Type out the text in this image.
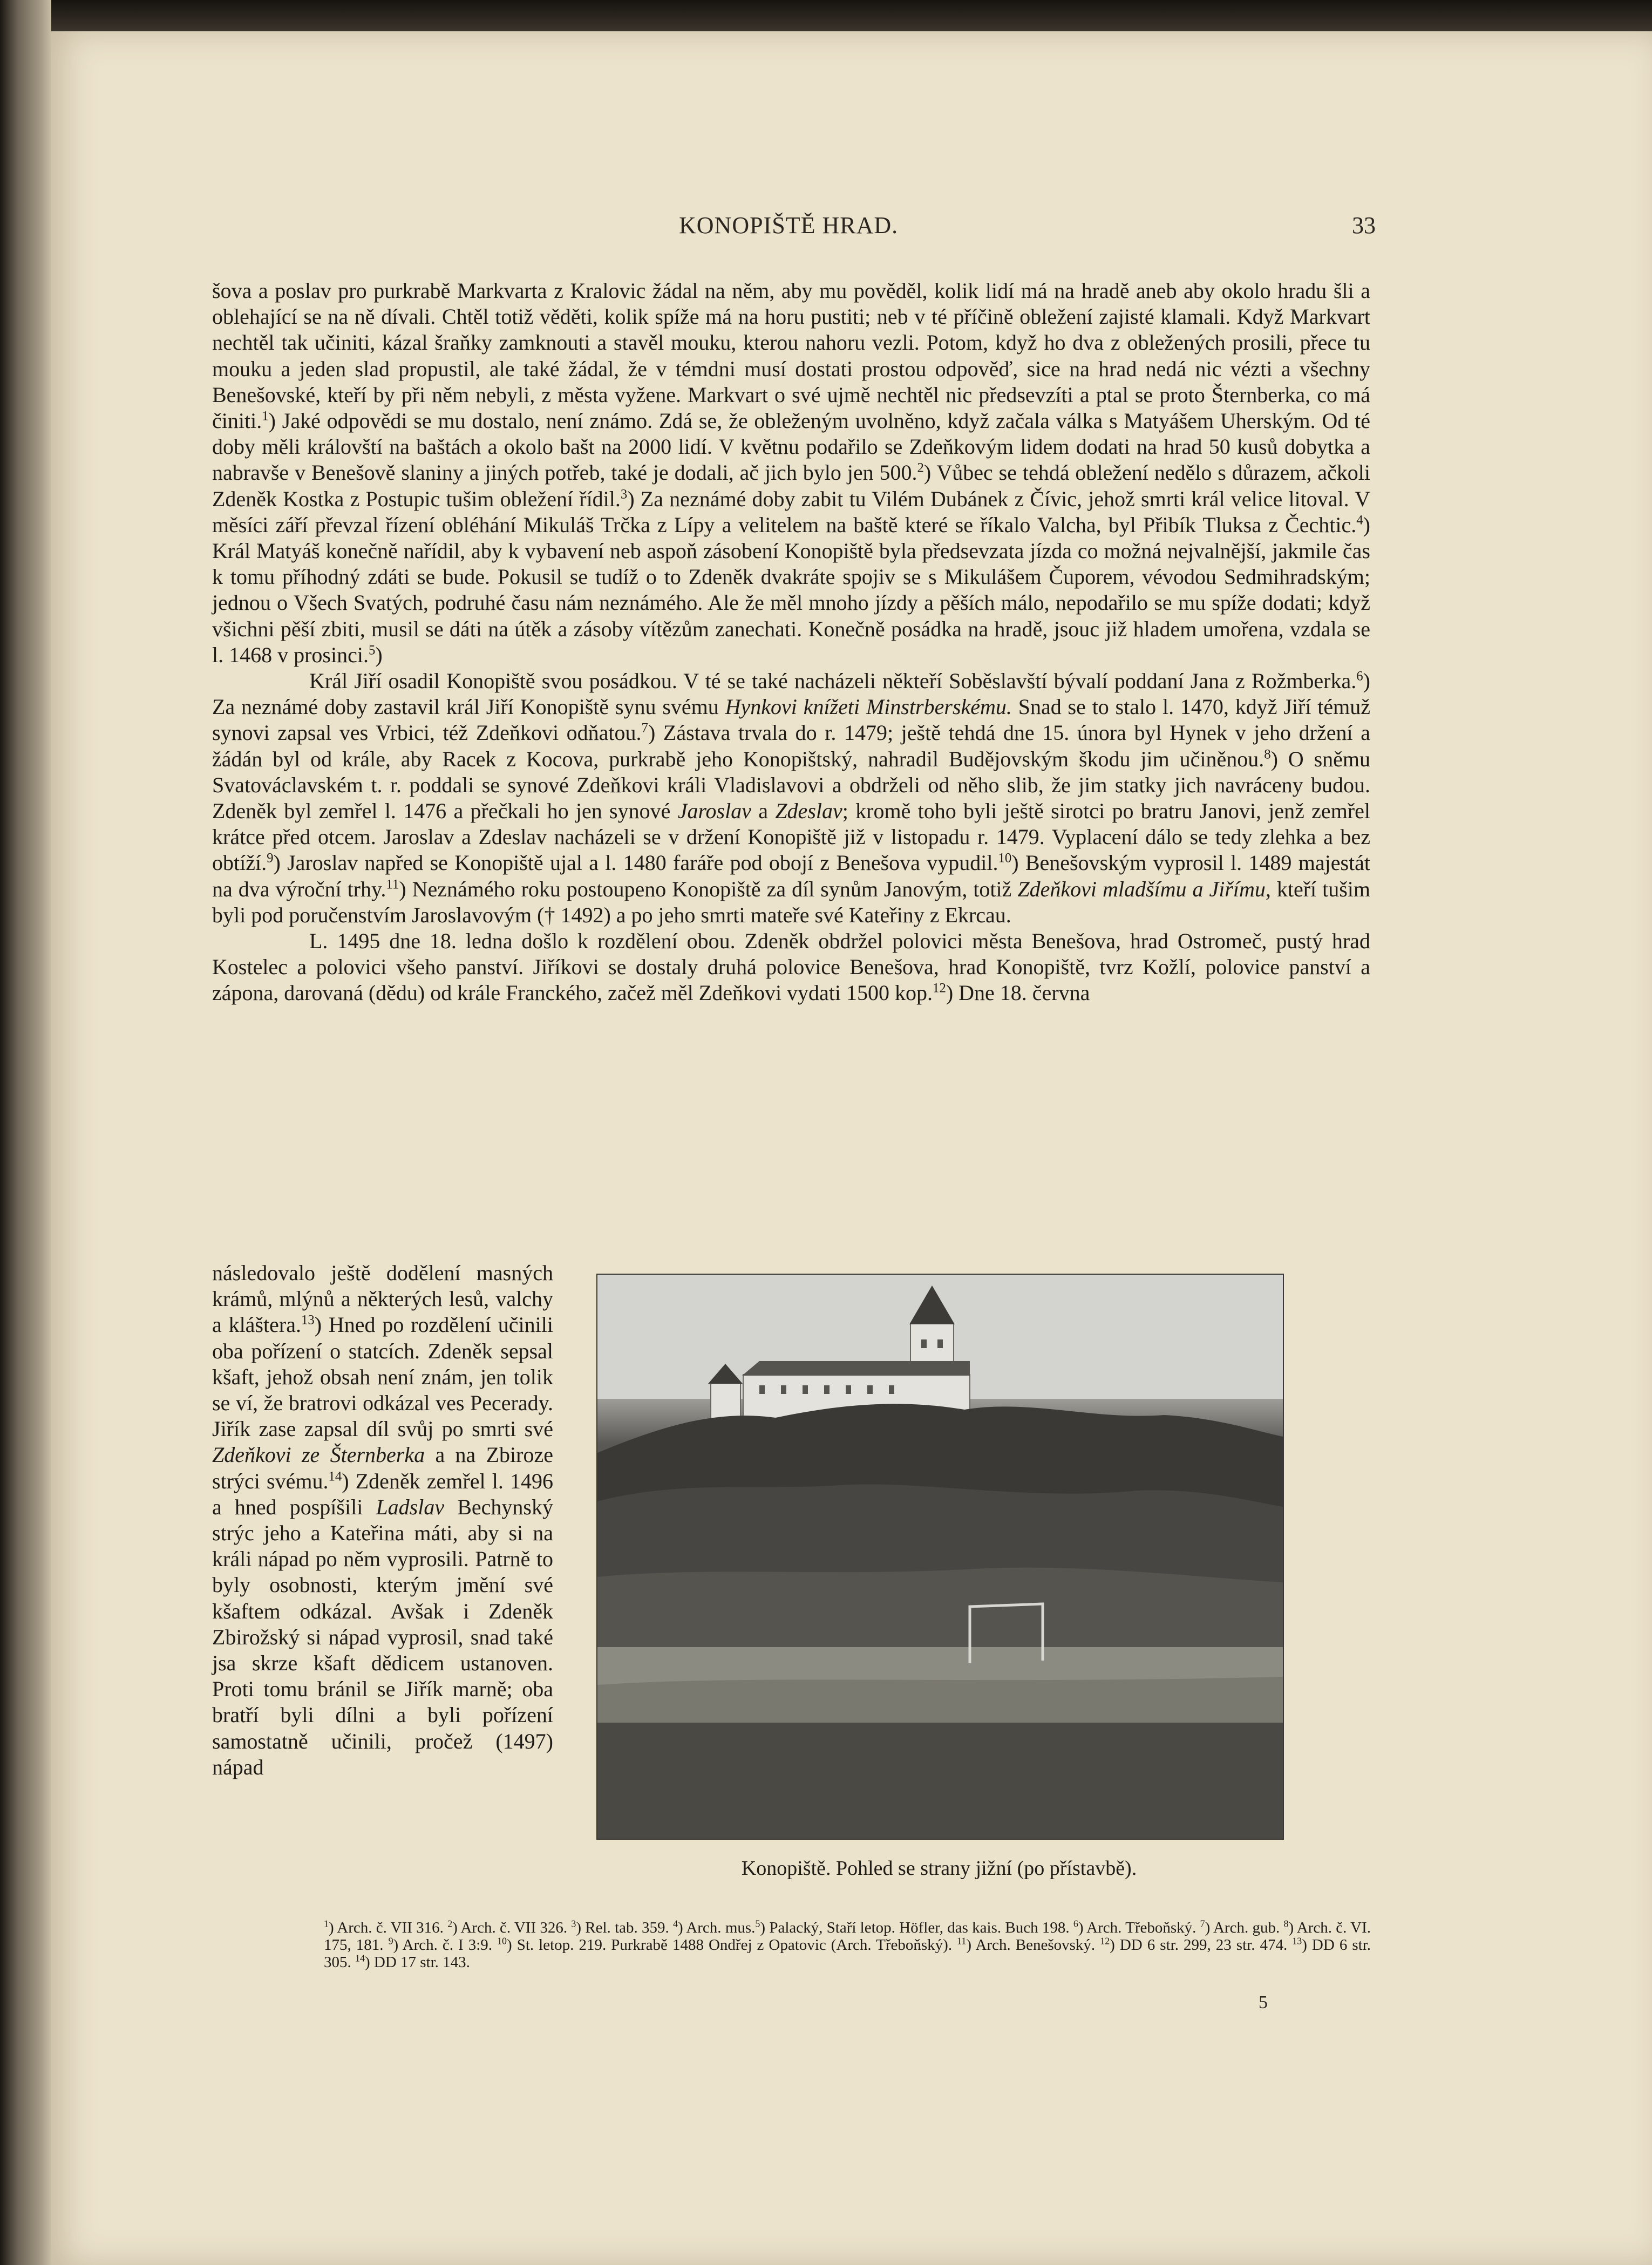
KONOPIŠTĚ HRAD.	33

šova a poslav pro purkrabě Markvarta z Kralovic žádal na něm, aby mu pověděl, kolik lidí má na hradě aneb aby okolo hradu šli a oblehající se na ně dívali. Chtěl totiž věděti, kolik spíže má na horu pustiti; neb v té příčině obležení zajisté klamali. Když Markvart nechtěl tak učiniti, kázal šraňky zamknouti a stavěl mouku, kterou nahoru vezli. Potom, když ho dva z obležených prosili, přece tu mouku a jeden slad propustil, ale také žádal, že v témdni musí dostati prostou odpověď, sice na hrad nedá nic vézti a všechny Benešovské, kteří by při něm nebyli, z města vyžene. Markvart o své ujmě nechtěl nic předsevzíti a ptal se proto Šternberka, co má činiti.$^1$) Jaké odpovědi se mu dostalo, není známo. Zdá se, že obleženým uvolněno, když začala válka s Matyášem Uherským. Od té doby měli královští na baštách a okolo bašt na 2000 lidí. V květnu podařilo se Zdeňkovým lidem dodati na hrad 50 kusů dobytka a nabravše v Benešově slaniny a jiných potřeb, také je dodali, ač jich bylo jen 500.$^2$) Vůbec se tehdá obležení nedělo s důrazem, ačkoli Zdeněk Kostka z Postupic tušim obležení řídil.$^3$) Za neznámé doby zabit tu Vilém Dubánek z Čívic, jehož smrti král velice litoval. V měsíci září převzal řízení obléhání Mikuláš Trčka z Lípy a velitelem na baště které se říkalo Valcha, byl Přibík Tluksa z Čechtic.$^4$) Král Matyáš konečně nařídil, aby k vybavení neb aspoň zásobení Konopiště byla předsevzata jízda co možná nejvalnější, jakmile čas k tomu příhodný zdáti se bude. Pokusil se tudíž o to Zdeněk dvakráte spojiv se s Mikulášem Čuporem, vévodou Sedmihradským; jednou o Všech Svatých, podruhé času nám neznámého. Ale že měl mnoho jízdy a pěších málo, nepodařilo se mu spíže dodati; když všichni pěší zbiti, musil se dáti na útěk a zásoby vítězům zanechati. Konečně posádka na hradě, jsouc již hladem umořena, vzdala se l. 1468 v prosinci.$^5$)

Král Jiří osadil Konopiště svou posádkou. V té se také nacházeli někteří Soběslavští bývalí poddaní Jana z Rožmberka.$^6$) Za neznámé doby zastavil král Jiří Konopiště synu svému Hynkovi knížeti Minstrberskému. Snad se to stalo l. 1470, když Jiří témuž synovi zapsal ves Vrbici, též Zdeňkovi odňatou.$^7$) Zástava trvala do r. 1479; ještě tehdá dne 15. února byl Hynek v jeho držení a žádán byl od krále, aby Racek z Kocova, purkrabě jeho Konopištský, nahradil Budějovským škodu jim učiněnou.$^8$) O sněmu Svatováclavském t. r. poddali se synové Zdeňkovi králi Vladislavovi a obdrželi od něho slib, že jim statky jich navráceny budou. Zdeněk byl zemřel l. 1476 a přečkali ho jen synové Jaroslav a Zdeslav; kromě toho byli ještě sirotci po bratru Janovi, jenž zemřel krátce před otcem. Jaroslav a Zdeslav nacházeli se v držení Konopiště již v listopadu r. 1479. Vyplacení dálo se tedy zlehka a bez obtíží.$^9$) Jaroslav napřed se Konopiště ujal a l. 1480 faráře pod obojí z Benešova vypudil.$^{10}$) Benešovským vyprosil l. 1489 majestát na dva výroční trhy.$^{11}$) Neznámého roku postoupeno Konopiště za díl synům Janovým, totiž Zdeňkovi mladšímu a Jiřímu, kteří tušim byli pod poručenstvím Jaroslavovým († 1492) a po jeho smrti mateře své Kateřiny z Ekrcau.

L. 1495 dne 18. ledna došlo k rozdělení obou. Zdeněk obdržel polovici města Benešova, hrad Ostromeč, pustý hrad Kostelec a polovici všeho panství. Jiříkovi se dostaly druhá polovice Benešova, hrad Konopiště, tvrz Kožlí, polovice panství a zápona, darovaná (dědu) od krále Franckého, začež měl Zdeňkovi vydati 1500 kop.$^{12}$) Dne 18. června

následovalo ještě dodělení masných krámů, mlýnů a některých lesů, valchy a kláštera.$^{13}$) Hned po rozdělení učinili oba pořízení o statcích. Zdeněk sepsal kšaft, jehož obsah není znám, jen tolik se ví, že bratrovi odkázal ves Pecerady. Jiřík zase zapsal díl svůj po smrti své Zdeňkovi ze Šternberka a na Zbiroze strýci svému.$^{14}$) Zdeněk zemřel l. 1496 a hned pospíšili Ladslav Bechynský strýc jeho a Kateřina máti, aby si na králi nápad po něm vyprosili. Patrně to byly osobnosti, kterým jmění své kšaftem odkázal. Avšak i Zdeněk Zbirožský si nápad vyprosil, snad také jsa skrze kšaft dědicem ustanoven. Proti tomu bránil se Jiřík marně; oba bratří byli dílni a byli pořízení samostatně učinili, pročež (1497) nápad

Konopiště. Pohled se strany jižní (po přístavbě).
$^1$) Arch. č. VII 316. $^2$) Arch. č. VII 326. $^3$) Rel. tab. 359. $^4$) Arch. mus.$^5$) Palacký, Staří letop. Höfler, das kais. Buch 198. $^6$) Arch. Třeboňský. $^7$) Arch. gub. $^8$) Arch. č. VI. 175, 181. $^9$) Arch. č. I 3:9. $^{10}$) St. letop. 219. Purkrabě 1488 Ondřej z Opatovic (Arch. Třeboňský). $^{11}$) Arch. Benešovský. $^{12}$) DD 6 str. 299, 23 str. 474. $^{13}$) DD 6 str. 305. $^{14}$) DD 17 str. 143.
5
